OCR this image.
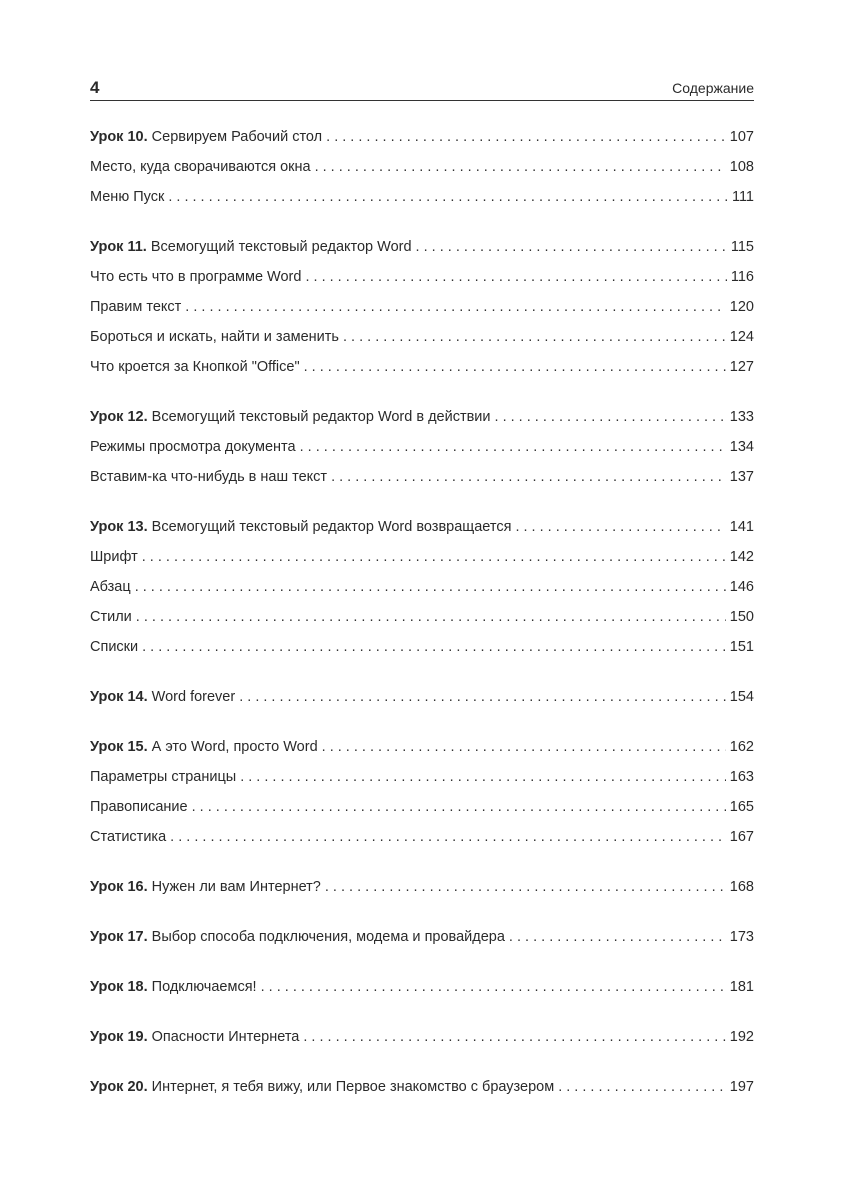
4	Содержание
Урок 10. Сервируем Рабочий стол . . .	107
Место, куда сворачиваются окна . . .	108
Меню Пуск . . .	111
Урок 11. Всемогущий текстовый редактор Word . . .	115
Что есть что в программе Word . . .	116
Правим текст . . .	120
Бороться и искать, найти и заменить . . .	124
Что кроется за Кнопкой "Office" . . .	127
Урок 12. Всемогущий текстовый редактор Word в действии . . .	133
Режимы просмотра документа . . .	134
Вставим-ка что-нибудь в наш текст . . .	137
Урок 13. Всемогущий текстовый редактор Word возвращается . . .	141
Шрифт . . .	142
Абзац . . .	146
Стили . . .	150
Списки . . .	151
Урок 14. Word forever . . .	154
Урок 15. А это Word, просто Word . . .	162
Параметры страницы . . .	163
Правописание . . .	165
Статистика . . .	167
Урок 16. Нужен ли вам Интернет? . . .	168
Урок 17. Выбор способа подключения, модема и провайдера . . .	173
Урок 18. Подключаемся! . . .	181
Урок 19. Опасности Интернета . . .	192
Урок 20. Интернет, я тебя вижу, или Первое знакомство с браузером . . .	197
